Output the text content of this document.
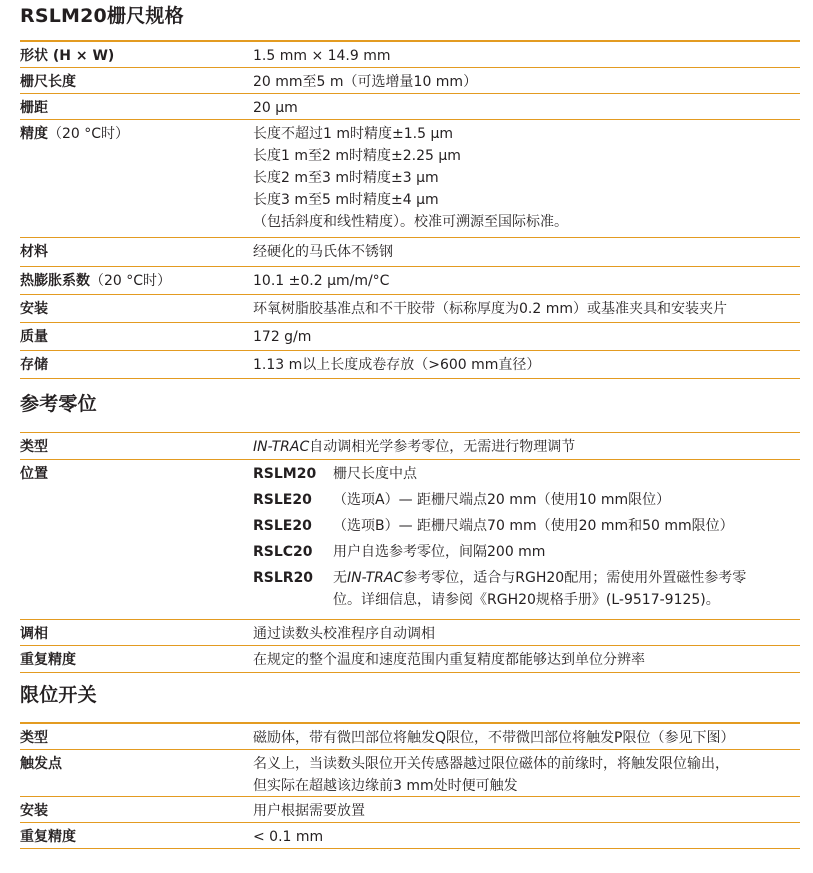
RSLM20栅尺规格
形状 (H × W)	1.5 mm × 14.9 mm
栅尺长度	20 mm至5 m（可选增量10 mm）
栅距	20 µm
精度（20 °C时）	长度不超过1 m时精度±1.5 µm
长度1 m至2 m时精度±2.25 µm
长度2 m至3 m时精度±3 µm
长度3 m至5 m时精度±4 µm
（包括斜度和线性精度）。校准可溯源至国际标准。
材料	经硬化的马氏体不锈钢
热膨胀系数（20 °C时）	10.1 ±0.2 µm/m/°C
安装	环氧树脂胶基准点和不干胶带（标称厚度为0.2 mm）或基准夹具和安装夹片
质量	172 g/m
存储	1.13 m以上长度成卷存放（>600 mm直径）
参考零位
类型	IN-TRAC自动调相光学参考零位，无需进行物理调节
位置	RSLM20	栅尺长度中点
RSLE20	（选项A）— 距栅尺端点20 mm（使用10 mm限位）
RSLE20	（选项B）— 距栅尺端点70 mm（使用20 mm和50 mm限位）
RSLC20	用户自选参考零位，间隔200 mm
RSLR20	无IN-TRAC参考零位，适合与RGH20配用；需使用外置磁性参考零
位。详细信息，请参阅《RGH20规格手册》(L-9517-9125)。
调相	通过读数头校准程序自动调相
重复精度	在规定的整个温度和速度范围内重复精度都能够达到单位分辨率
限位开关
类型	磁励体，带有微凹部位将触发Q限位，不带微凹部位将触发P限位（参见下图）
触发点	名义上，当读数头限位开关传感器越过限位磁体的前缘时，将触发限位输出，
但实际在超越该边缘前3 mm处时便可触发
安装	用户根据需要放置
重复精度	< 0.1 mm
